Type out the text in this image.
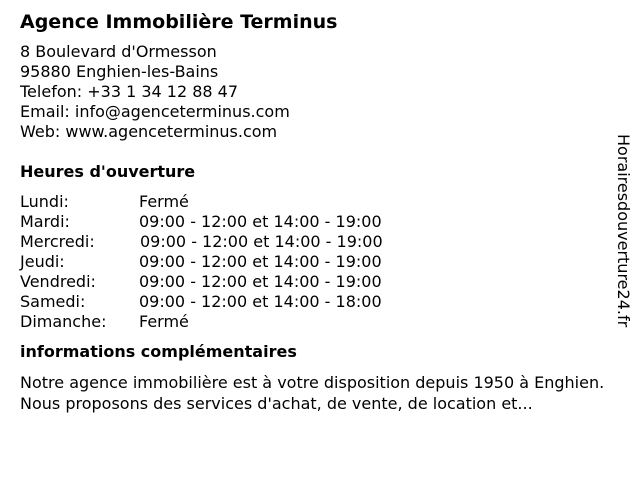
Agence Immobilière Terminus
8 Boulevard d'Ormesson
95880 Enghien-les-Bains
Telefon: +33 1 34 12 88 47
Email: info@agenceterminus.com
Web: www.agenceterminus.com
Heures d'ouverture
Lundi:	Fermé
Mardi:	09:00 - 12:00 et 14:00 - 19:00
Mercredi:	09:00 - 12:00 et 14:00 - 19:00
Jeudi:	09:00 - 12:00 et 14:00 - 19:00
Vendredi:	09:00 - 12:00 et 14:00 - 19:00
Samedi:	09:00 - 12:00 et 14:00 - 18:00
Dimanche: Fermé
informations complémentaires
Notre agence immobilière est à votre disposition depuis 1950 à Enghien. Nous proposons des services d'achat, de vente, de location et...
Horairesdouverture24.fr
